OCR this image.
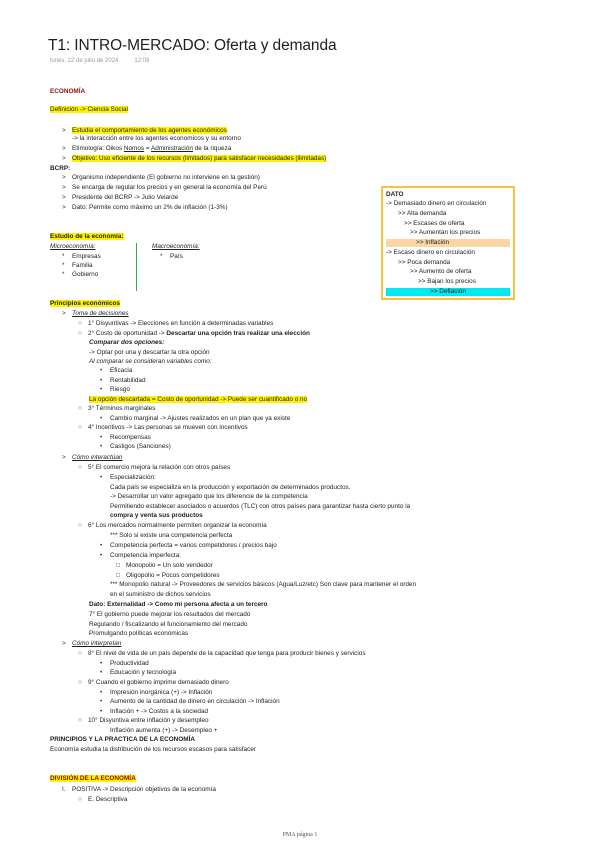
T1: INTRO-MERCADO: Oferta y demanda
lunes, 22 de julio de 2024	12:08
ECONOMÍA
Definición -> Ciencia Social
> Estudia el comportamiento de los agentes económicos
-> la interacción entre los agentes economicos y su entorno
> Etimología: Oikos Nomos = Administración de la riqueza
> Objetivo: Uso eficiente de los recursos (limitados) para satisfacer necesidades (ilimitadas)
BCRP:
> Organismo independiente (El gobierno no interviene en la gestión)
> Se encarga de regular los precios y en general la economía del Perú
> Presidente del BCRP -> Julio Velarde
> Dato: Permite como máximo un 2% de inflación (1-3%)
DATO
-> Demasiado dinero en circulación
>> Alta demanda
>> Escases de oferta
>> Aumentan los precios
>> Inflación
-> Escaso dinero en circulación
>> Poca demanda
>> Aumento de oferta
>> Bajan los precios
>> Deflación
Estudio de la economía:
Microeconomía:	Macroeconomía:
* Empresas
* Familia
* Gobierno
* País
Principios económicos
> Toma de decisiones
○ 1° Disyuntivas -> Elecciones en función a determinadas variables
○ 2° Costo de oportunidad -> Descartar una opción tras realizar una elección
Comparar dos opciones:
-> Optar por una y descartar la otra opción
Al comparar se consideran variables como:
• Eficacia
• Rentabilidad
• Riesgo
La opción descartada = Costo de oportunidad -> Puede ser cuantificado o no
○ 3° Términos marginales
• Cambio marginal -> Ajustes realizados en un plan que ya existe
○ 4° Incentivos -> Las personas se mueven con incentivos
• Recompensas
• Castigos (Sanciones)
> Cómo interactúan
○ 5° El comercio mejora la relación con otros países
• Especialización:
Cada país se especializa en la producción y exportación de determinados productos.
-> Desarrollar un valor agregado que los diferencie de la competencia
Permitiendo establecer asociados o acuerdos (TLC) con otros países para garantizar hasta cierto punto la
compra y venta sus productos
○ 6° Los mercados normalmente permiten organizar la economía
*** Solo si existe una competencia perfecta
• Competencia perfecta = varios competidores / precios bajo
• Competencia imperfecta:
□ Monopolio = Un solo vendedor
□ Oligopolio = Pocos competidores
*** Monopolio natural -> Proveedores de servicios básicos (Agua/Luz/etc) Son clave para mantener el orden
en el suministro de dichos servicios
Dato: Externalidad -> Como mi persona afecta a un tercero
7° El gobierno puede mejorar los resultados del mercado
Regulando / fiscalizando el funcionamiento del mercado
Promulgando políticas económicas
> Cómo interpretan
○ 8° El nivel de vida de un país depende de la capacidad que tenga para producir bienes y servicios
• Productividad
• Educación y tecnología
○ 9° Cuando el gobierno imprime demasiado dinero
• Impresión inorgánica (+) -> Inflación
• Aumento de la cantidad de dinero en circulación -> Inflación
• Inflación + -> Costos a la sociedad
○ 10° Disyuntiva entre inflación y desempleo
Inflación aumenta (+) -> Desempleo +
PRINCIPIOS Y LA PRACTICA DE LA ECONOMÍA
Economía estudia la distribución de los recursos escasos para satisfacer
DIVISIÓN DE LA ECONOMÍA
I. POSITIVA -> Descripción objetivos de la economía
○ E. Descriptiva
PMA página 1
